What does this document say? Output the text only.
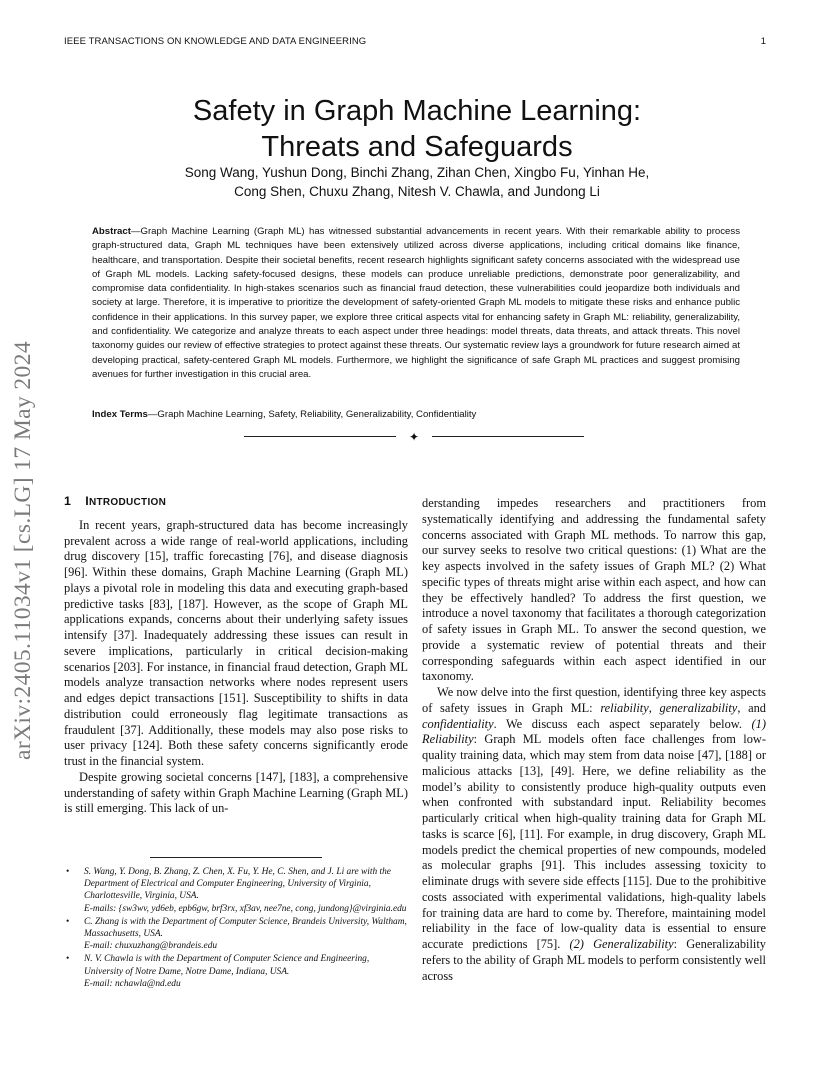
IEEE TRANSACTIONS ON KNOWLEDGE AND DATA ENGINEERING	1
Safety in Graph Machine Learning:
Threats and Safeguards
Song Wang, Yushun Dong, Binchi Zhang, Zihan Chen, Xingbo Fu, Yinhan He,
Cong Shen, Chuxu Zhang, Nitesh V. Chawla, and Jundong Li
Abstract—Graph Machine Learning (Graph ML) has witnessed substantial advancements in recent years. With their remarkable ability to process graph-structured data, Graph ML techniques have been extensively utilized across diverse applications, including critical domains like finance, healthcare, and transportation. Despite their societal benefits, recent research highlights significant safety concerns associated with the widespread use of Graph ML models. Lacking safety-focused designs, these models can produce unreliable predictions, demonstrate poor generalizability, and compromise data confidentiality. In high-stakes scenarios such as financial fraud detection, these vulnerabilities could jeopardize both individuals and society at large. Therefore, it is imperative to prioritize the development of safety-oriented Graph ML models to mitigate these risks and enhance public confidence in their applications. In this survey paper, we explore three critical aspects vital for enhancing safety in Graph ML: reliability, generalizability, and confidentiality. We categorize and analyze threats to each aspect under three headings: model threats, data threats, and attack threats. This novel taxonomy guides our review of effective strategies to protect against these threats. Our systematic review lays a groundwork for future research aimed at developing practical, safety-centered Graph ML models. Furthermore, we highlight the significance of safe Graph ML practices and suggest promising avenues for further investigation in this crucial area.
Index Terms—Graph Machine Learning, Safety, Reliability, Generalizability, Confidentiality
✦
arXiv:2405.11034v1 [cs.LG] 17 May 2024 1 INTRODUCTION

In recent years, graph-structured data has become increasingly prevalent across a wide range of real-world applications, including drug discovery [15], traffic forecasting [76], and disease diagnosis [96]. Within these domains, Graph Machine Learning (Graph ML) plays a pivotal role in modeling this data and executing graph-based predictive tasks [83], [187]. However, as the scope of Graph ML applications expands, concerns about their underlying safety issues intensify [37]. Inadequately addressing these issues can result in severe implications, particularly in critical decision-making scenarios [203]. For instance, in financial fraud detection, Graph ML models analyze transaction networks where nodes represent users and edges depict transactions [151]. Susceptibility to shifts in data distribution could erroneously flag legitimate transactions as fraudulent [37]. Additionally, these models may also pose risks to user privacy [124]. Both these safety concerns significantly erode trust in the financial system.

Despite growing societal concerns [147], [183], a comprehensive understanding of safety within Graph Machine Learning (Graph ML) is still emerging. This lack of un-

derstanding impedes researchers and practitioners from systematically identifying and addressing the fundamental safety concerns associated with Graph ML methods. To narrow this gap, our survey seeks to resolve two critical questions: (1) What are the key aspects involved in the safety issues of Graph ML? (2) What specific types of threats might arise within each aspect, and how can they be effectively handled? To address the first question, we introduce a novel taxonomy that facilitates a thorough categorization of safety issues in Graph ML. To answer the second question, we provide a systematic review of potential threats and their corresponding safeguards within each aspect identified in our taxonomy.

We now delve into the first question, identifying three key aspects of safety issues in Graph ML: reliability, generalizability, and confidentiality. We discuss each aspect separately below. (1) Reliability: Graph ML models often face challenges from low-quality training data, which may stem from data noise [47], [188] or malicious attacks [13], [49]. Here, we define reliability as the model’s ability to consistently produce high-quality outputs even when confronted with substandard input. Reliability becomes particularly critical when high-quality training data for Graph ML tasks is scarce [6], [11]. For example, in drug discovery, Graph ML models predict the chemical properties of new compounds, modeled as molecular graphs [91]. This includes assessing toxicity to eliminate drugs with severe side effects [115]. Due to the prohibitive costs associated with experimental validations, high-quality labels for training data are hard to come by. Therefore, maintaining model reliability in the face of low-quality data is essential to ensure accurate predictions [75]. (2) Generalizability: Generalizability refers to the ability of Graph ML models to perform consistently well across

• S. Wang, Y. Dong, B. Zhang, Z. Chen, X. Fu, Y. He, C. Shen, and J. Li are with the Department of Electrical and Computer Engineering, University of Virginia, Charlottesville, Virginia, USA.
E-mails: {sw3wv, yd6eb, epb6gw, brf3rx, xf3av, nee7ne, cong, jundong}@virginia.edu
• C. Zhang is with the Department of Computer Science, Brandeis University, Waltham, Massachusetts, USA.
E-mail: chuxuzhang@brandeis.edu
• N. V. Chawla is with the Department of Computer Science and Engineering, University of Notre Dame, Notre Dame, Indiana, USA.
E-mail: nchawla@nd.edu
